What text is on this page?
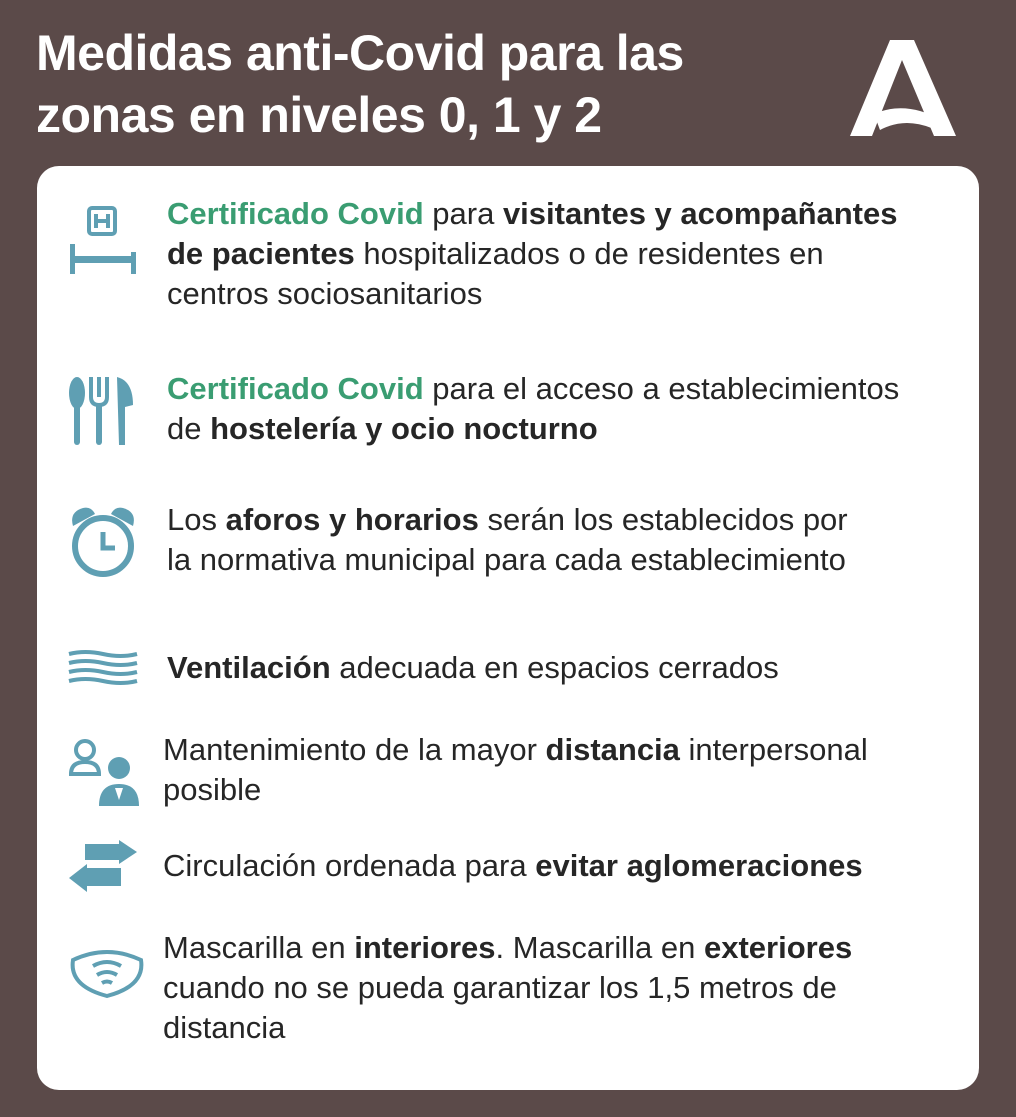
Medidas anti-Covid para las
zonas en niveles 0, 1 y 2
Certificado Covid para visitantes y acompañantes
de pacientes hospitalizados o de residentes en
centros sociosanitarios
Certificado Covid para el acceso a establecimientos
de hostelería y ocio nocturno
Los aforos y horarios serán los establecidos por
la normativa municipal para cada establecimiento
Ventilación adecuada en espacios cerrados
Mantenimiento de la mayor distancia interpersonal
posible
Circulación ordenada para evitar aglomeraciones
Mascarilla en interiores. Mascarilla en exteriores
cuando no se pueda garantizar los 1,5 metros de
distancia
